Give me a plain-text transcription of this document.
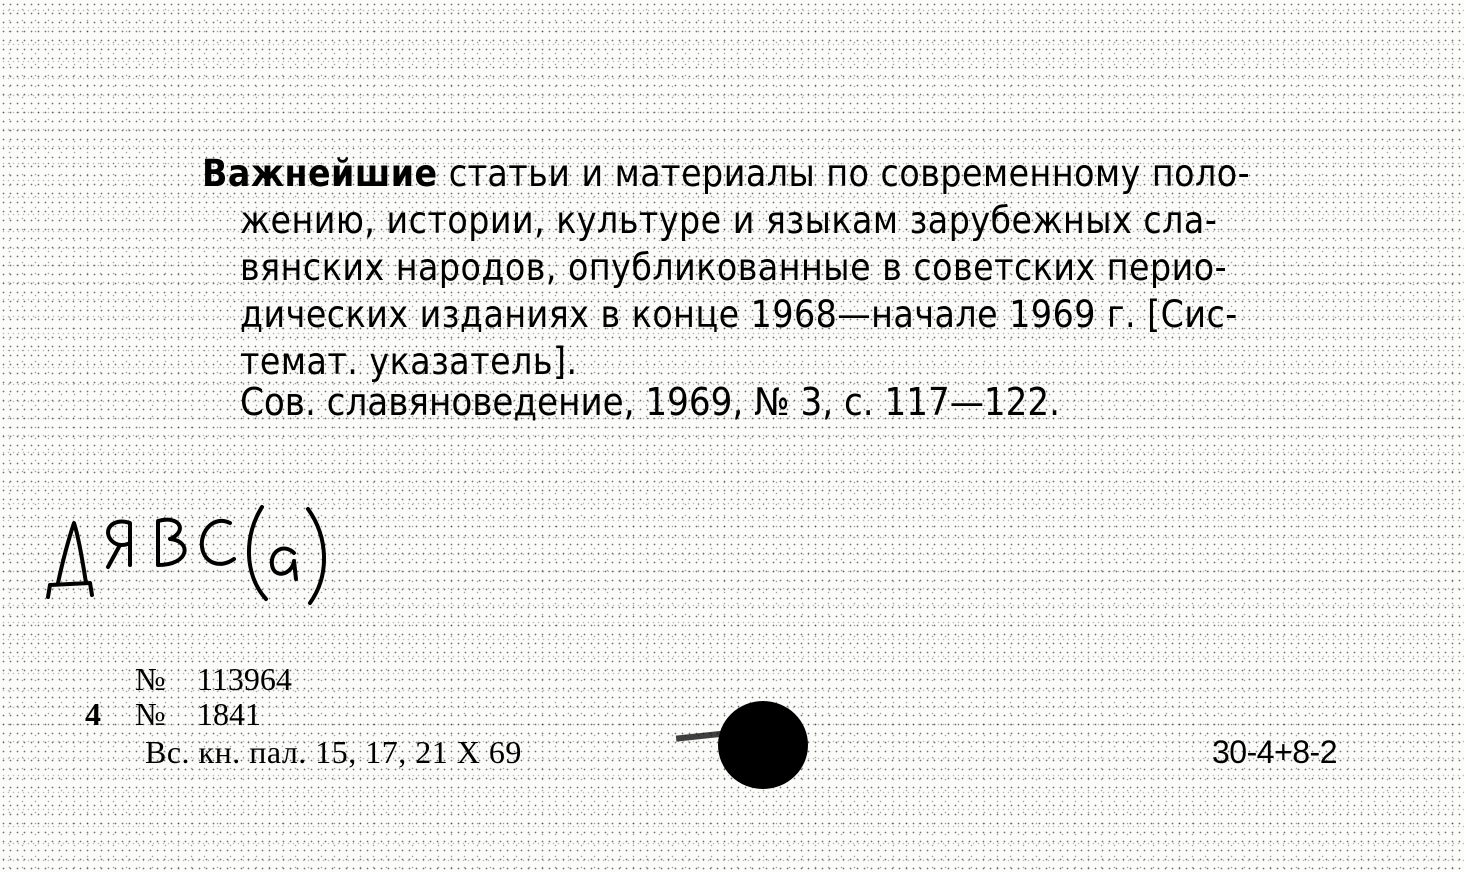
Важнейшие статьи и материалы по современному поло-
жению, истории, культуре и языкам зарубежных сла-
вянских народов, опубликованные в советских перио-
дических изданиях в конце 1968—начале 1969 г. [Сис-
темат. указатель].
Сов. славяноведение, 1969, № 3, с. 117—122.
№ 113964
4 № 1841
Вс. кн. пал. 15, 17, 21 X 69	30-4+8-2
